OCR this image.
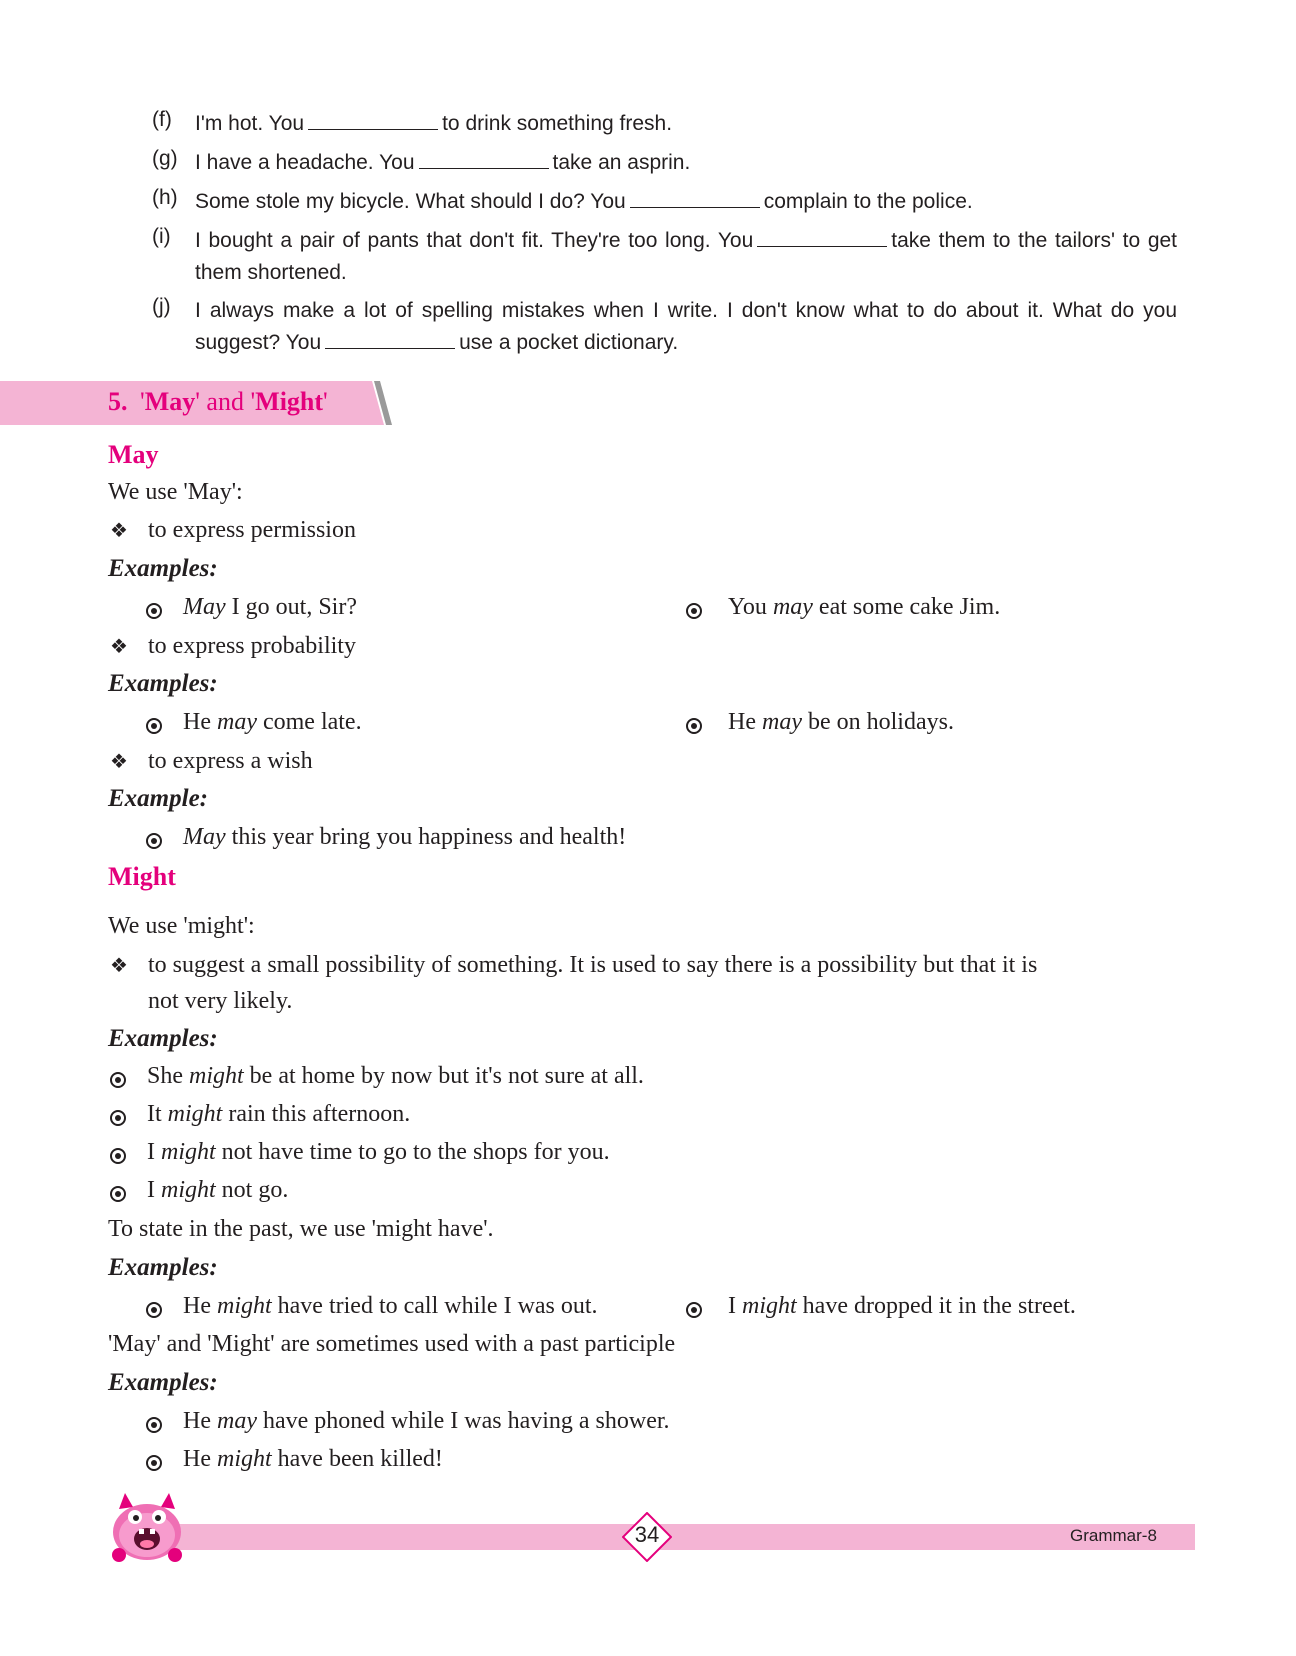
(f)	I'm hot. You	to drink something fresh.
(g) I have a headache. You	take an asprin.
(h) Some stole my bicycle. What should I do? You	complain to the police.
(i)	I bought a pair of pants that don't fit. They're too long. You	take them to the tailors' to get them shortened.
(j)	I always make a lot of spelling mistakes when I write. I don't know what to do about it. What do you suggest? You	use a pocket dictionary.
5. 'May' and 'Might'
May
We use 'May':
❖ to express permission
Examples:
May I go out, Sir?	You may eat some cake Jim.
❖ to express probability
Examples:
He may come late.	He may be on holidays.
❖ to express a wish
Example:
May this year bring you happiness and health!
Might
We use 'might':
❖ to suggest a small possibility of something. It is used to say there is a possibility but that it is
not very likely.
Examples:
She might be at home by now but it's not sure at all.
It might rain this afternoon.
I might not have time to go to the shops for you.
I might not go.
To state in the past, we use 'might have'.
Examples:
He might have tried to call while I was out.	I might have dropped it in the street.
'May' and 'Might' are sometimes used with a past participle
Examples:
He may have phoned while I was having a shower.
He might have been killed!
34	Grammar-8
